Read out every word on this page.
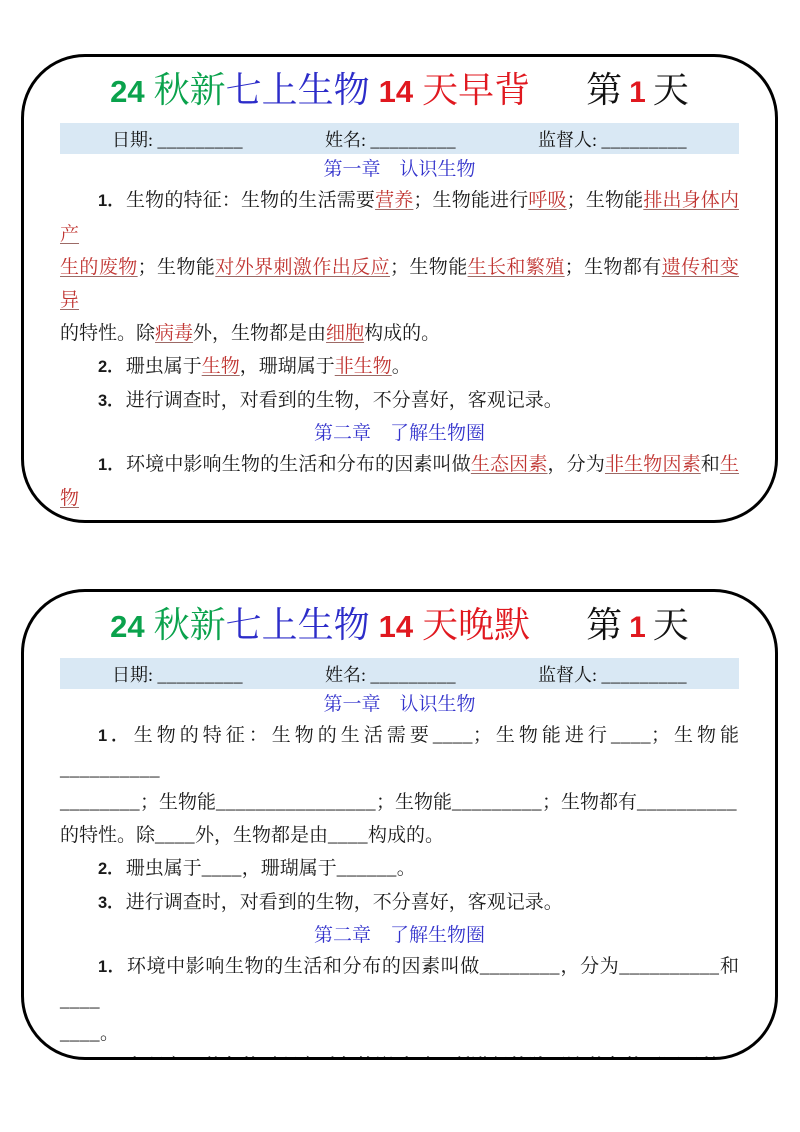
24 秋新 七上生物 14 天早背 第 1 天
日期: _________	姓名: _________	监督人: _________
第一章　认识生物

1． 生物的特征：生物的生活需要营养；生物能进行呼吸；生物能排出身体内产
生的废物；生物能对外界刺激作出反应；生物能生长和繁殖；生物都有遗传和变异
的特性。除病毒外，生物都是由细胞构成的。

2． 珊虫属于生物，珊瑚属于非生物。

3． 进行调查时，对看到的生物，不分喜好，客观记录。

第二章　了解生物圈

1． 环境中影响生物的生活和分布的因素叫做生态因素，分为非生物因素和生物

24 秋新 七上生物 14 天晚默 第 1 天
日期: _________	姓名: _________	监督人: _________
第一章　认识生物

1． 生物的特征：生物的生活需要____；生物能进行____；生物能__________
________；生物能________________；生物能_________；生物都有__________
的特性。除____外，生物都是由____构成的。

2． 珊虫属于____，珊瑚属于______。

3． 进行调查时，对看到的生物，不分喜好，客观记录。

第二章　了解生物圈

1． 环境中影响生物的生活和分布的因素叫做________，分为__________和____
____。
